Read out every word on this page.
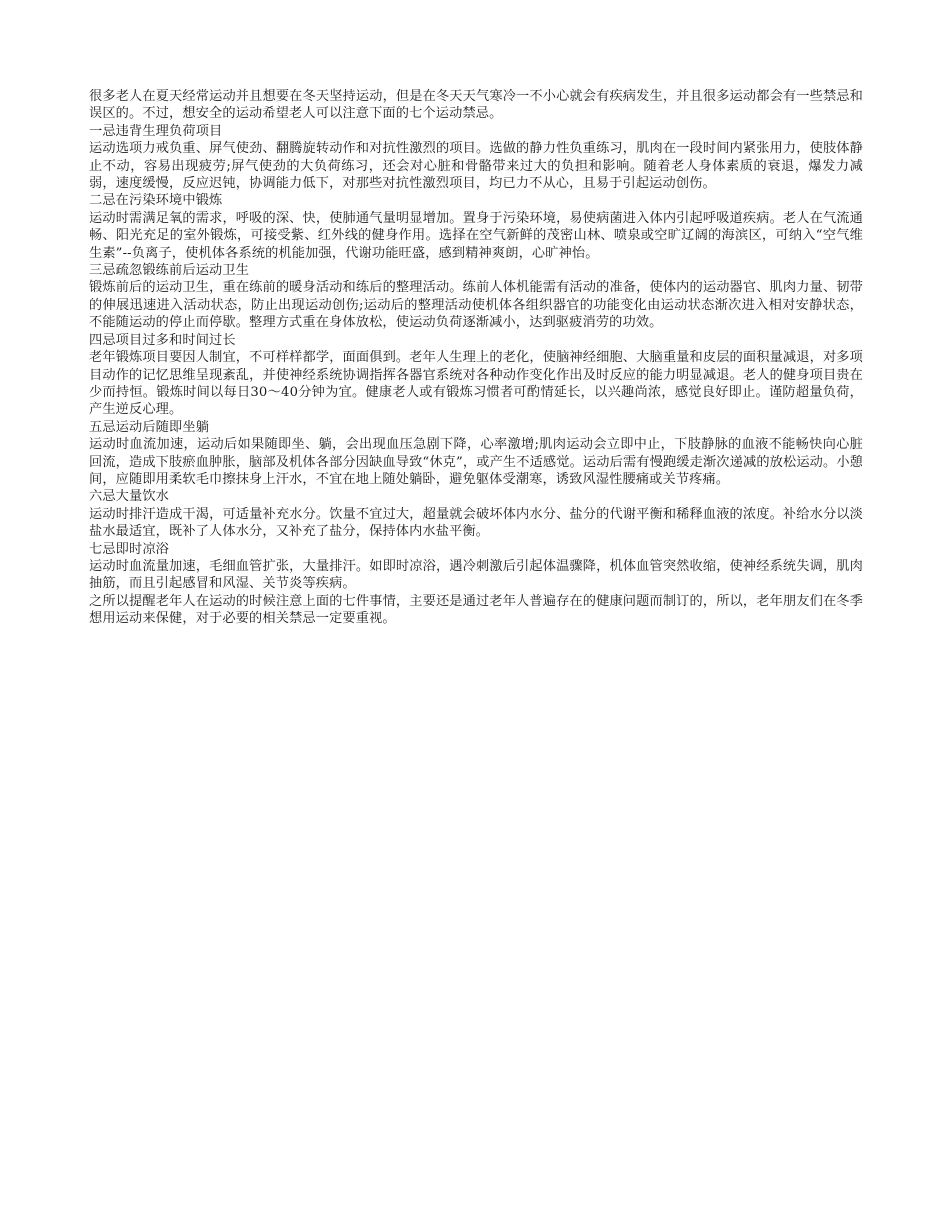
很多老人在夏天经常运动并且想要在冬天坚持运动，但是在冬天天气寒冷一不小心就会有疾病发生，并且很多运动都会有一些禁忌和误区的。不过，想安全的运动希望老人可以注意下面的七个运动禁忌。

一忌违背生理负荷项目

运动选项力戒负重、屏气使劲、翻腾旋转动作和对抗性激烈的项目。选做的静力性负重练习，肌肉在一段时间内紧张用力，使肢体静止不动，容易出现疲劳;屏气使劲的大负荷练习，还会对心脏和骨骼带来过大的负担和影响。随着老人身体素质的衰退，爆发力减弱，速度缓慢，反应迟钝，协调能力低下，对那些对抗性激烈项目，均已力不从心，且易于引起运动创伤。

二忌在污染环境中锻炼

运动时需满足氧的需求，呼吸的深、快，使肺通气量明显增加。置身于污染环境，易使病菌进入体内引起呼吸道疾病。老人在气流通畅、阳光充足的室外锻炼，可接受紫、红外线的健身作用。选择在空气新鲜的茂密山林、喷泉或空旷辽阔的海滨区，可纳入“空气维生素”--负离子，使机体各系统的机能加强，代谢功能旺盛，感到精神爽朗，心旷神怡。

三忌疏忽锻练前后运动卫生

锻炼前后的运动卫生，重在练前的暖身活动和练后的整理活动。练前人体机能需有活动的准备，使体内的运动器官、肌肉力量、韧带的伸展迅速进入活动状态，防止出现运动创伤;运动后的整理活动使机体各组织器官的功能变化由运动状态渐次进入相对安静状态，不能随运动的停止而停歇。整理方式重在身体放松，使运动负荷逐渐减小，达到驱疲消劳的功效。

四忌项目过多和时间过长

老年锻炼项目要因人制宜，不可样样都学，面面俱到。老年人生理上的老化，使脑神经细胞、大脑重量和皮层的面积量减退，对多项目动作的记忆思维呈现紊乱，并使神经系统协调指挥各器官系统对各种动作变化作出及时反应的能力明显减退。老人的健身项目贵在少而持恒。锻炼时间以每日30～40分钟为宜。健康老人或有锻炼习惯者可酌情延长，以兴趣尚浓，感觉良好即止。谨防超量负荷，产生逆反心理。

五忌运动后随即坐躺

运动时血流加速，运动后如果随即坐、躺，会出现血压急剧下降，心率激增;肌肉运动会立即中止，下肢静脉的血液不能畅快向心脏回流，造成下肢瘀血肿胀，脑部及机体各部分因缺血导致“休克”，或产生不适感觉。运动后需有慢跑缓走渐次递减的放松运动。小憩间，应随即用柔软毛巾擦抹身上汗水，不宜在地上随处躺卧，避免躯体受潮寒，诱致风湿性腰痛或关节疼痛。

六忌大量饮水

运动时排汗造成干渴，可适量补充水分。饮量不宜过大，超量就会破坏体内水分、盐分的代谢平衡和稀释血液的浓度。补给水分以淡盐水最适宜，既补了人体水分，又补充了盐分，保持体内水盐平衡。

七忌即时凉浴

运动时血流量加速，毛细血管扩张，大量排汗。如即时凉浴，遇冷刺激后引起体温骤降，机体血管突然收缩，使神经系统失调，肌肉抽筋，而且引起感冒和风湿、关节炎等疾病。

之所以提醒老年人在运动的时候注意上面的七件事情，主要还是通过老年人普遍存在的健康问题而制订的，所以，老年朋友们在冬季想用运动来保健，对于必要的相关禁忌一定要重视。
